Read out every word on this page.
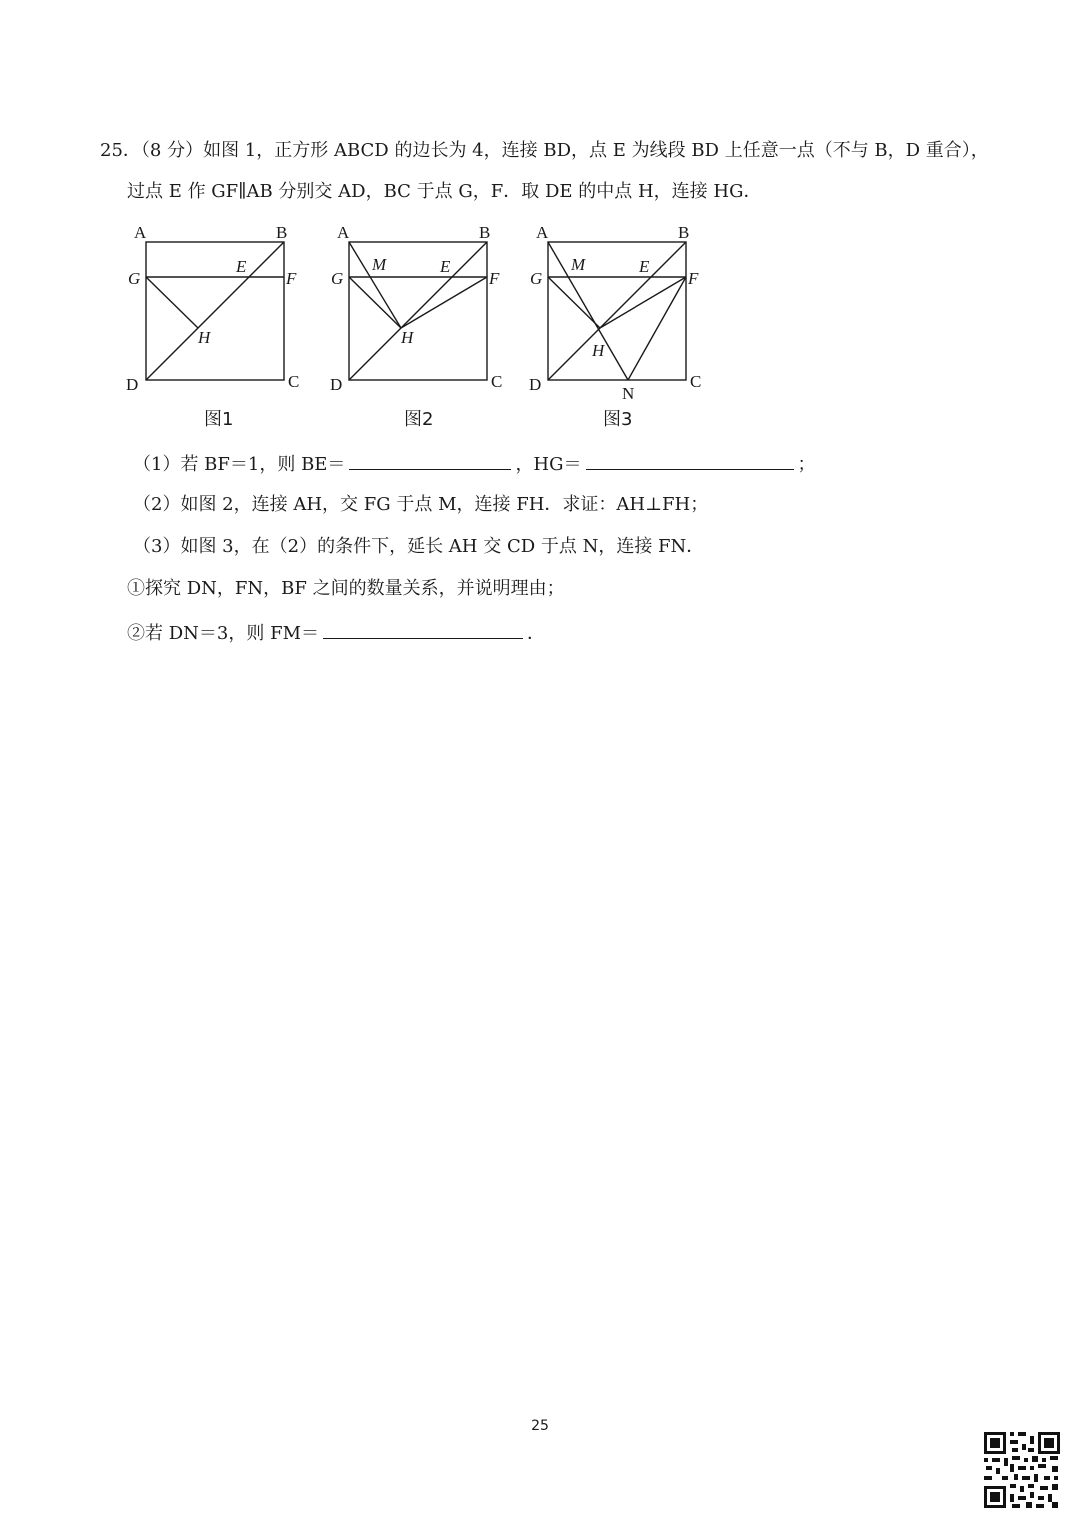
25．（8 分）如图 1，正方形 ABCD 的边长为 4，连接 BD，点 E 为线段 BD 上任意一点（不与 B，D 重合），
过点 E 作 GF∥AB 分别交 AD，BC 于点 G，F．取 DE 的中点 H，连接 HG．
A	B
G	F
E
H
D	C
图1
A	B
G	F
M	E
H
D	C
图2
A	B
G	F
M	E
H
D	C
N
图3
（1）若 BF＝1，则 BE＝	，HG＝	；
（2）如图 2，连接 AH，交 FG 于点 M，连接 FH．求证：AH⊥FH；
（3）如图 3，在（2）的条件下，延长 AH 交 CD 于点 N，连接 FN．
①探究 DN，FN，BF 之间的数量关系，并说明理由；
②若 DN＝3，则 FM＝	．
25
